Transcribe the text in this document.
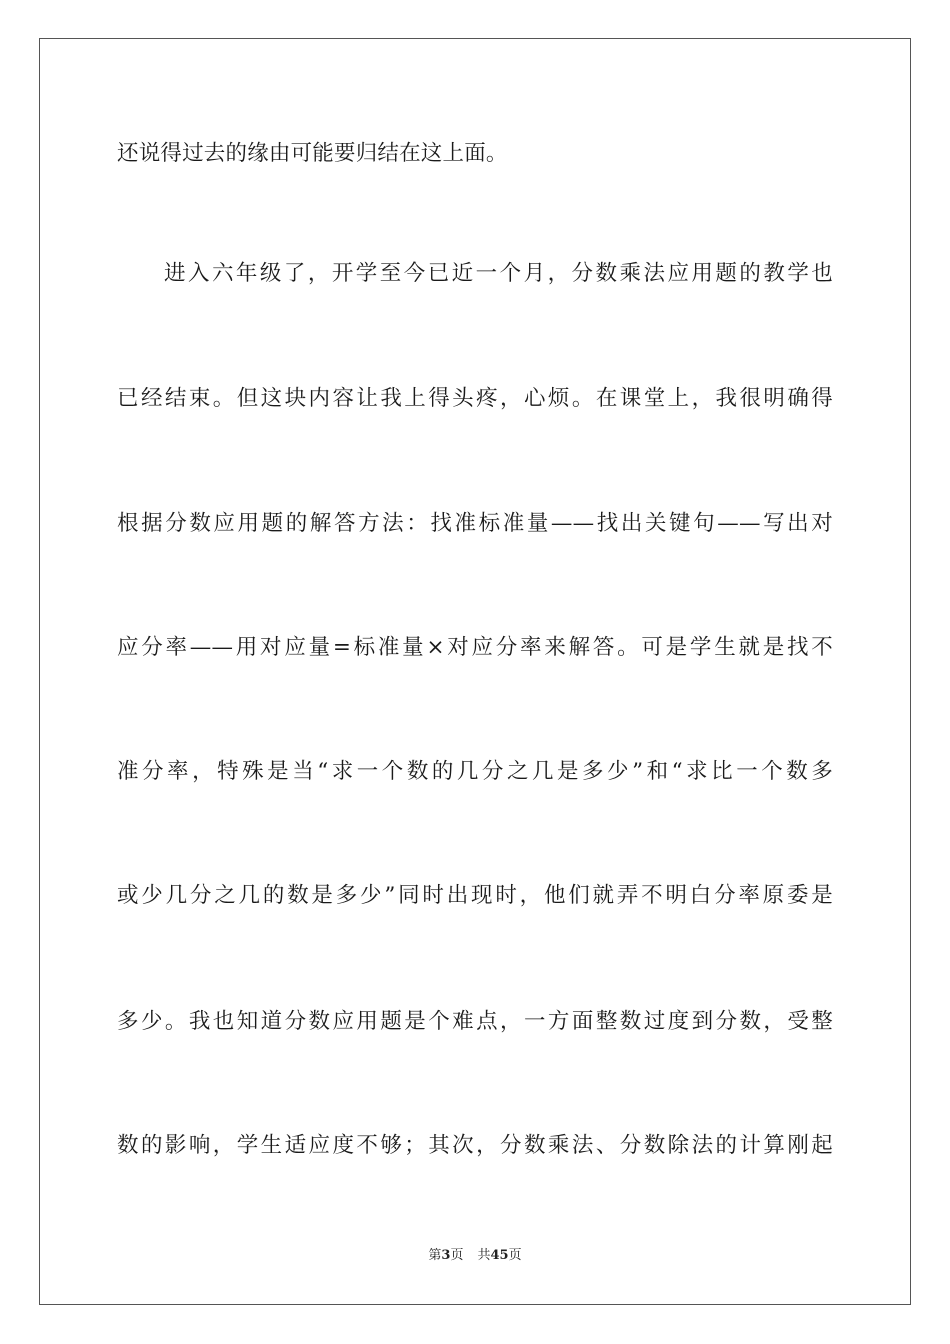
还说得过去的缘由可能要归结在这上面。
进入六年级了，开学至今已近一个月，分数乘法应用题的教学也
已经结束。但这块内容让我上得头疼，心烦。在课堂上，我很明确得
根据分数应用题的解答方法：找准标准量——找出关键句——写出对
应分率——用对应量=标准量×对应分率来解答。可是学生就是找不
准分率，特殊是当“求一个数的几分之几是多少”和“求比一个数多
或少几分之几的数是多少”同时出现时，他们就弄不明白分率原委是
多少。我也知道分数应用题是个难点，一方面整数过度到分数，受整
数的影响，学生适应度不够；其次，分数乘法、分数除法的计算刚起
第3页 共45页
